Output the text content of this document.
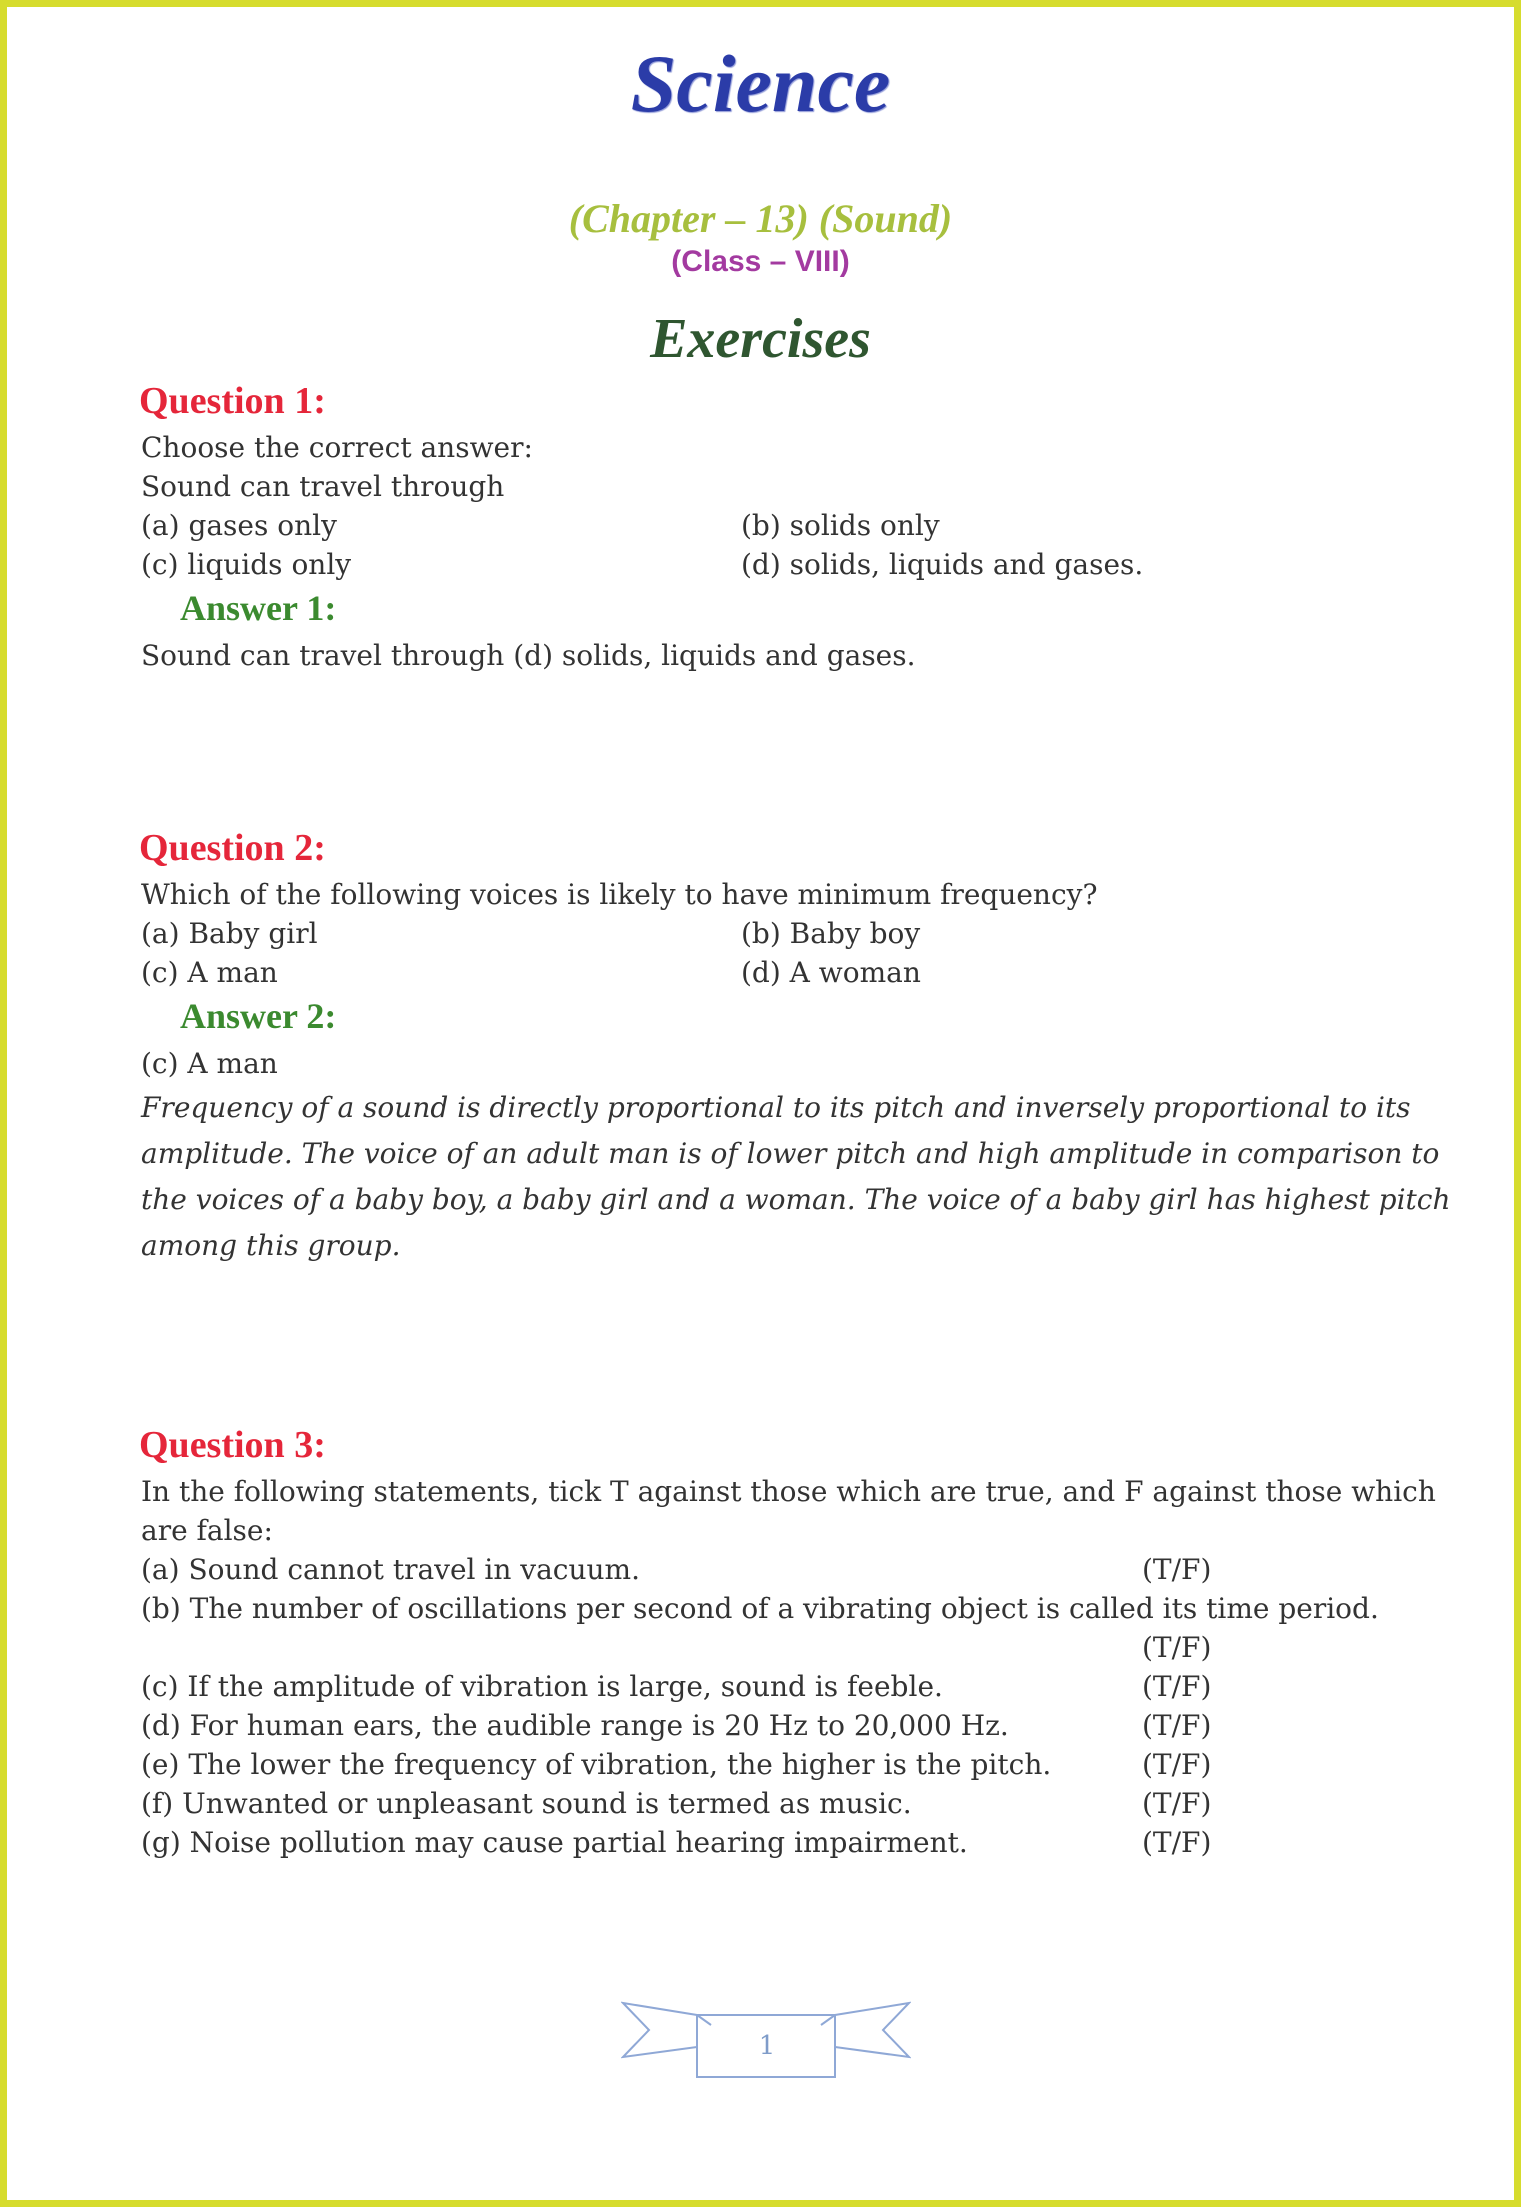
Science
(Chapter – 13) (Sound)
(Class – VIII)
Exercises
Question 1:
Choose the correct answer:
Sound can travel through
(a) gases only	(b) solids only
(c) liquids only	(d) solids, liquids and gases.
Answer 1:
Sound can travel through (d) solids, liquids and gases.
Question 2:
Which of the following voices is likely to have minimum frequency?
(a) Baby girl	(b) Baby boy
(c) A man	(d) A woman
Answer 2:
(c) A man
Frequency of a sound is directly proportional to its pitch and inversely proportional to its
amplitude. The voice of an adult man is of lower pitch and high amplitude in comparison to
the voices of a baby boy, a baby girl and a woman. The voice of a baby girl has highest pitch
among this group.
Question 3:
In the following statements, tick T against those which are true, and F against those which
are false:
(a) Sound cannot travel in vacuum.	(T/F)
(b) The number of oscillations per second of a vibrating object is called its time period.
(T/F)
(c) If the amplitude of vibration is large, sound is feeble.	(T/F)
(d) For human ears, the audible range is 20 Hz to 20,000 Hz.	(T/F)
(e) The lower the frequency of vibration, the higher is the pitch.	(T/F)
(f) Unwanted or unpleasant sound is termed as music.	(T/F)
(g) Noise pollution may cause partial hearing impairment.	(T/F)
1
